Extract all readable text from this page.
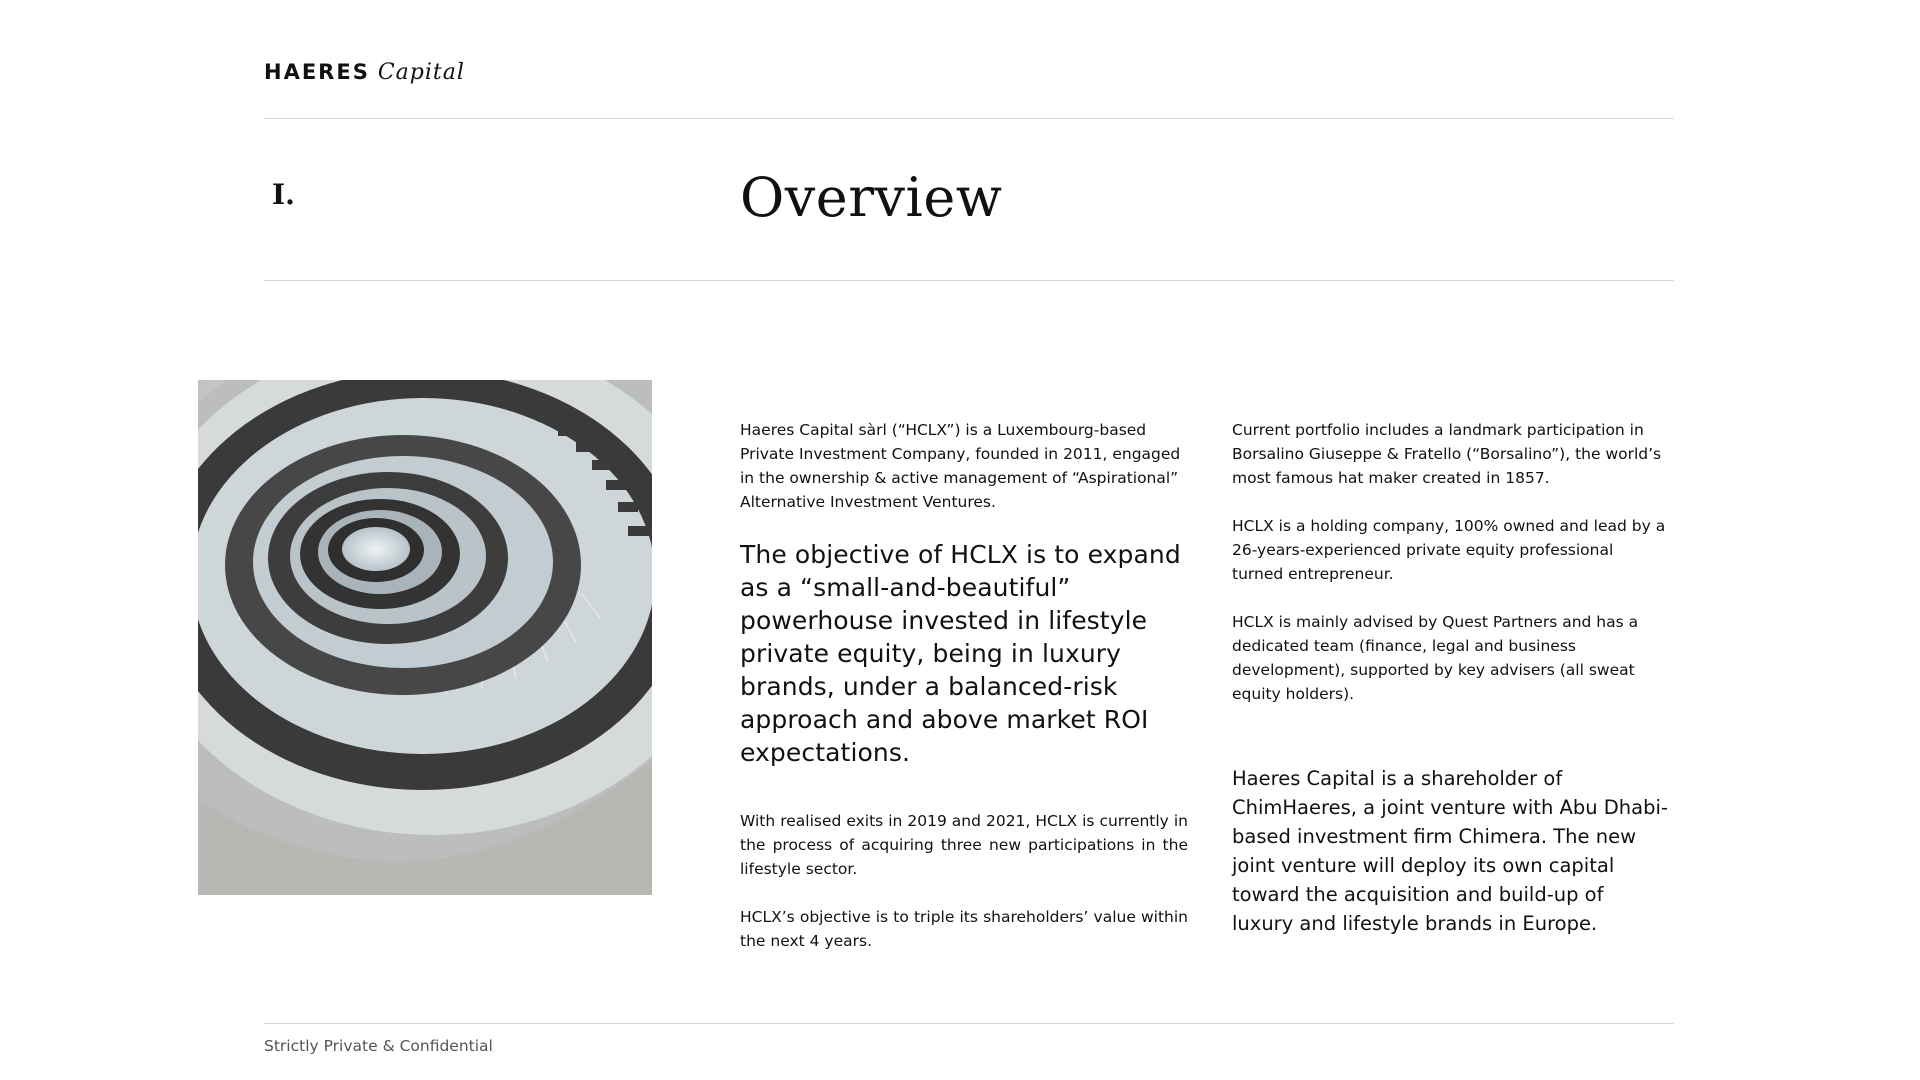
HAERES Capital
I.	Overview

Haeres Capital sàrl (“HCLX”) is a Luxembourg-based Private Investment Company, founded in 2011, engaged in the ownership & active management of “Aspirational” Alternative Investment Ventures.

The objective of HCLX is to expand as a “small-and-beautiful” powerhouse invested in lifestyle private equity, being in luxury brands, under a balanced-risk approach and above market ROI expectations.

With realised exits in 2019 and 2021, HCLX is currently in the process of acquiring three new participations in the lifestyle sector.

HCLX’s objective is to triple its shareholders’ value within the next 4 years.

Current portfolio includes a landmark participation in Borsalino Giuseppe & Fratello (“Borsalino”), the world’s most famous hat maker created in 1857.

HCLX is a holding company, 100% owned and lead by a 26-years-experienced private equity professional turned entrepreneur.

HCLX is mainly advised by Quest Partners and has a dedicated team (finance, legal and business development), supported by key advisers (all sweat equity holders).

Haeres Capital is a shareholder of ChimHaeres, a joint venture with Abu Dhabi-based investment firm Chimera. The new joint venture will deploy its own capital toward the acquisition and build-up of luxury and lifestyle brands in Europe.

Strictly Private & Confidential
